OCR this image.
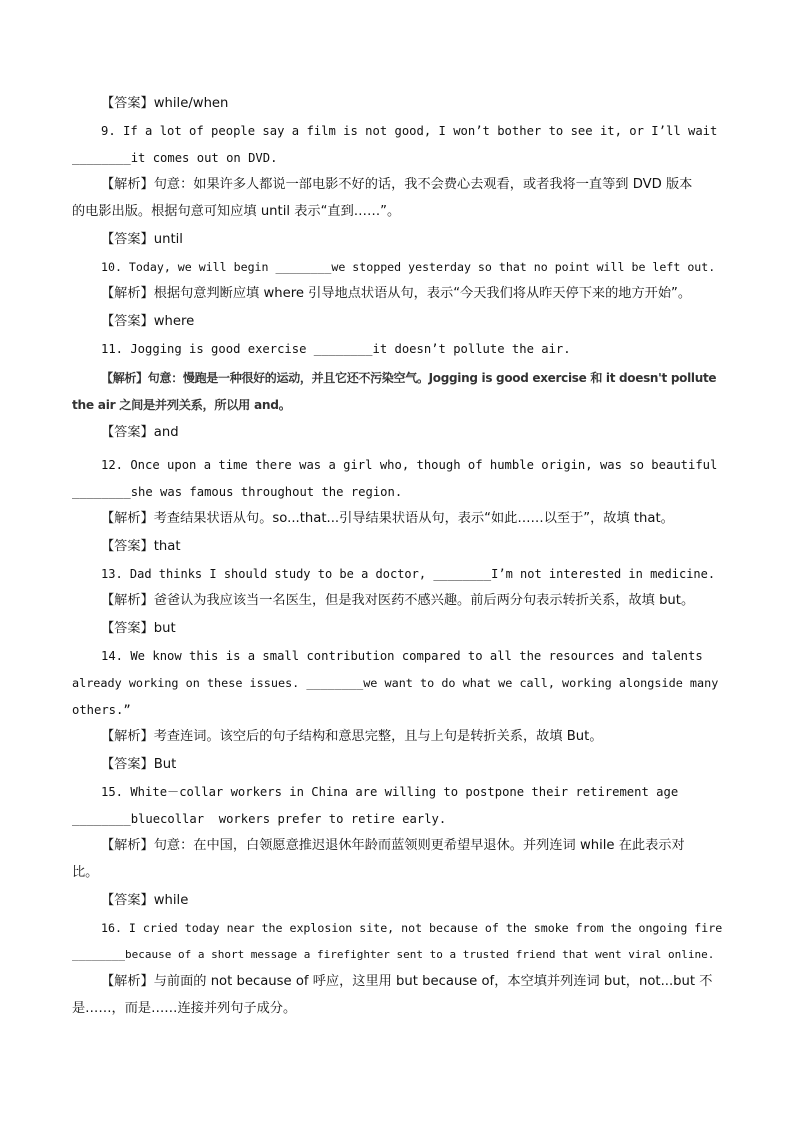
【答案】while/when
9. If a lot of people say a film is not good, I won’t bother to see it, or I’ll wait
________it comes out on DVD.
【解析】句意：如果许多人都说一部电影不好的话，我不会费心去观看，或者我将一直等到 DVD 版本
的电影出版。根据句意可知应填 until 表示“直到……”。
【答案】until
10. Today, we will begin ________we stopped yesterday so that no point will be left out.
【解析】根据句意判断应填 where 引导地点状语从句，表示“今天我们将从昨天停下来的地方开始”。
【答案】where
11. Jogging is good exercise ________it doesn’t pollute the air.
【解析】句意：慢跑是一种很好的运动，并且它还不污染空气。Jogging is good exercise 和 it doesn't pollute
the air 之间是并列关系，所以用 and。
【答案】and
12. Once upon a time there was a girl who, though of humble origin, was so beautiful
________she was famous throughout the region.
【解析】考查结果状语从句。so...that...引导结果状语从句，表示“如此……以至于”，故填 that。
【答案】that
13. Dad thinks I should study to be a doctor, ________I’m not interested in medicine.
【解析】爸爸认为我应该当一名医生，但是我对医药不感兴趣。前后两分句表示转折关系，故填 but。
【答案】but
14. We know this is a small contribution compared to all the resources and talents
already working on these issues. ________we want to do what we call, working alongside many
others.”
【解析】考查连词。该空后的句子结构和意思完整，且与上句是转折关系，故填 But。
【答案】But
15. White－collar workers in China are willing to postpone their retirement age
________bluecollar  workers prefer to retire early.
【解析】句意：在中国，白领愿意推迟退休年龄而蓝领则更希望早退休。并列连词 while 在此表示对
比。
【答案】while
16. I cried today near the explosion site, not because of the smoke from the ongoing fire
________because of a short message a firefighter sent to a trusted friend that went viral online.
【解析】与前面的 not because of 呼应，这里用 but because of，本空填并列连词 but，not...but 不
是……，而是……连接并列句子成分。
